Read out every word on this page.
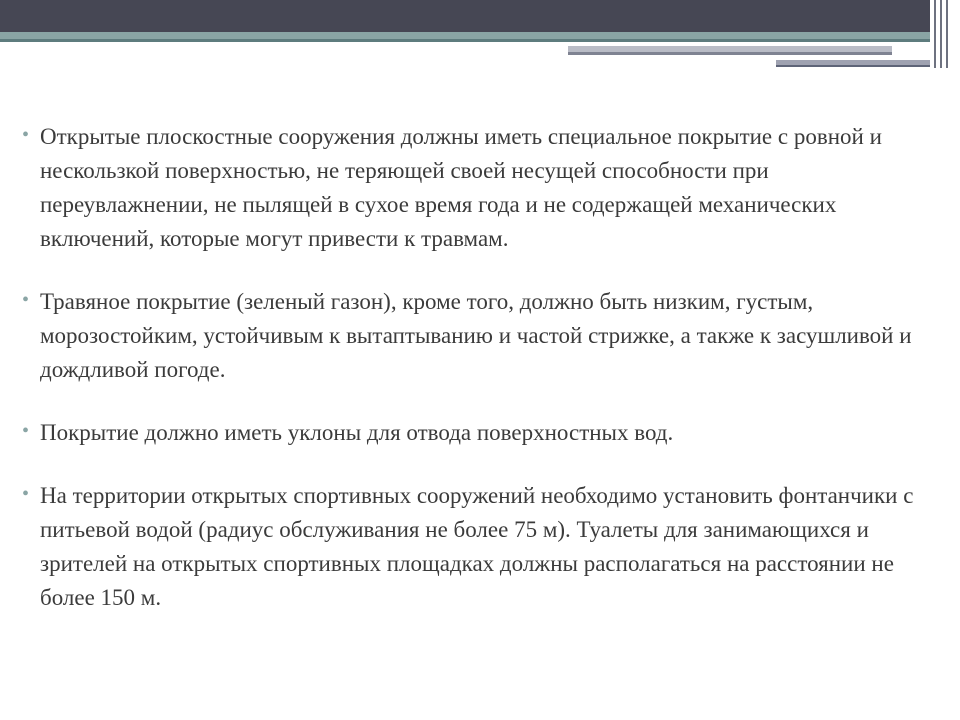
• Открытые плоскостные сооружения должны иметь специальное покрытие с ровной и нескользкой поверхностью, не теряющей своей несущей способности при переувлажнении, не пылящей в сухое время года и не содержащей механических включений, которые могут привести к травмам.
• Травяное покрытие (зеленый газон), кроме того, должно быть низким, густым, морозостойким, устойчивым к вытаптыванию и частой стрижке, а также к засушливой и дождливой погоде.
• Покрытие должно иметь уклоны для отвода поверхностных вод.
• На территории открытых спортивных сооружений необходимо установить фонтанчики с питьевой водой (радиус обслуживания не более 75 м). Туалеты для занимающихся и зрителей на открытых спортивных площадках должны располагаться на расстоянии не более 150 м.
